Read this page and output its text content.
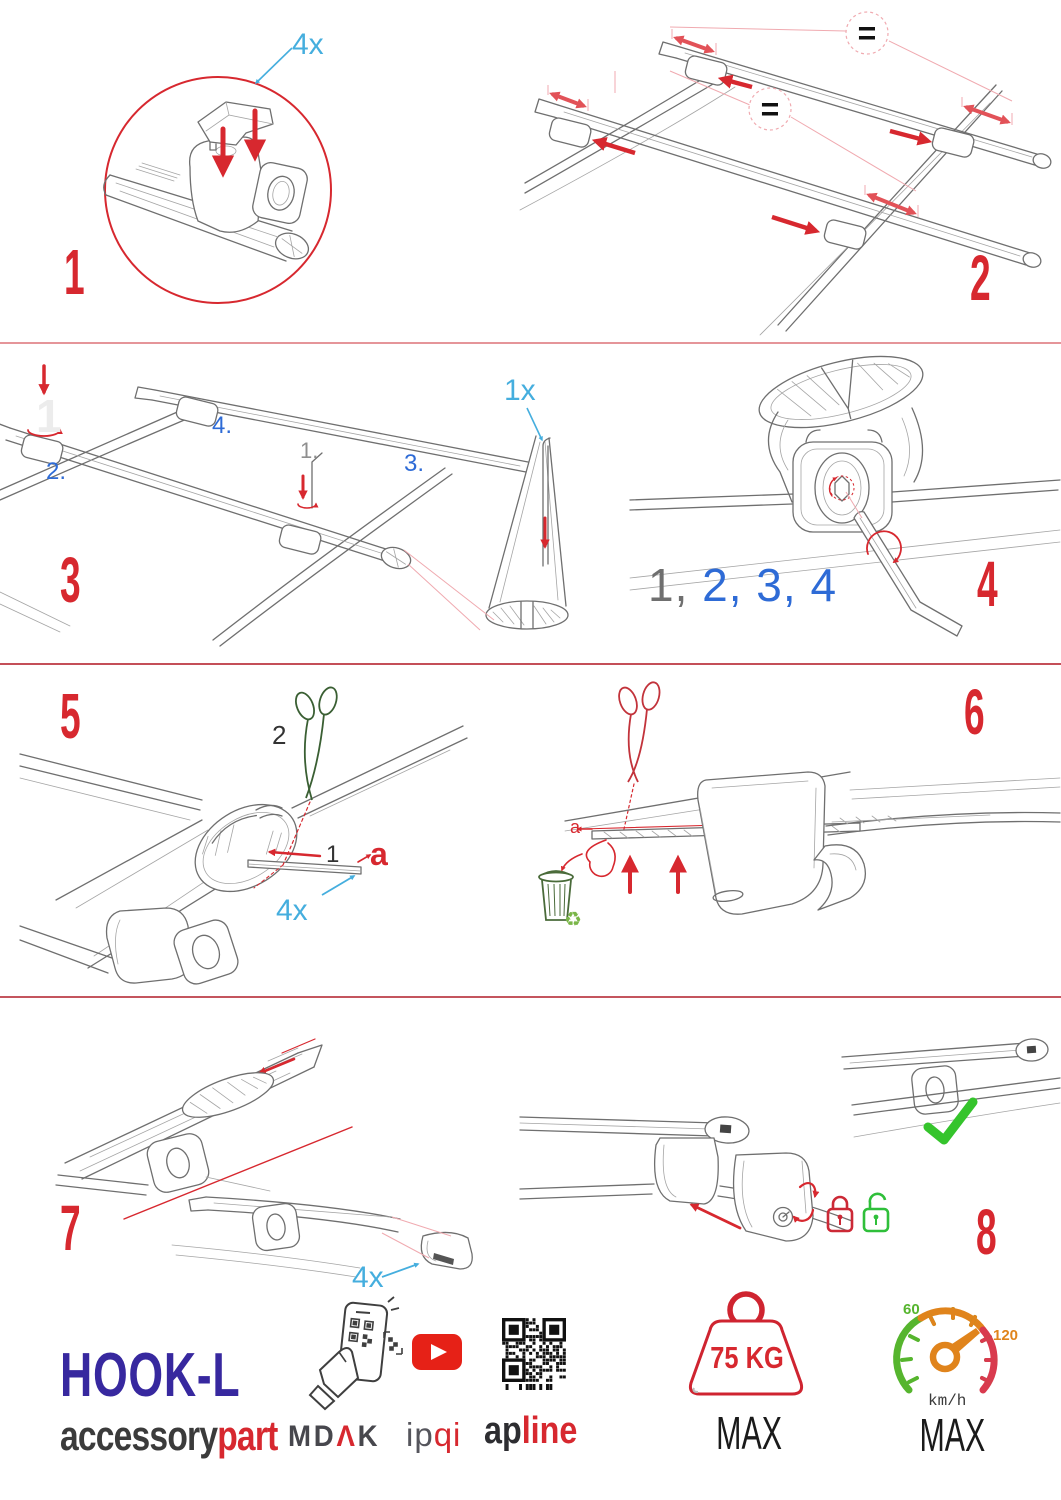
1	2
3	4
5	6
7	8
4x	=
=
1
2.
4.
1.	3.
1x
1, 2, 3, 4
2
1 a
4x	♻
a
4x
HOOK-L
accessorypart MDΛK ipqi apline
75 KG
MAX
60
120
km/h
MAX
